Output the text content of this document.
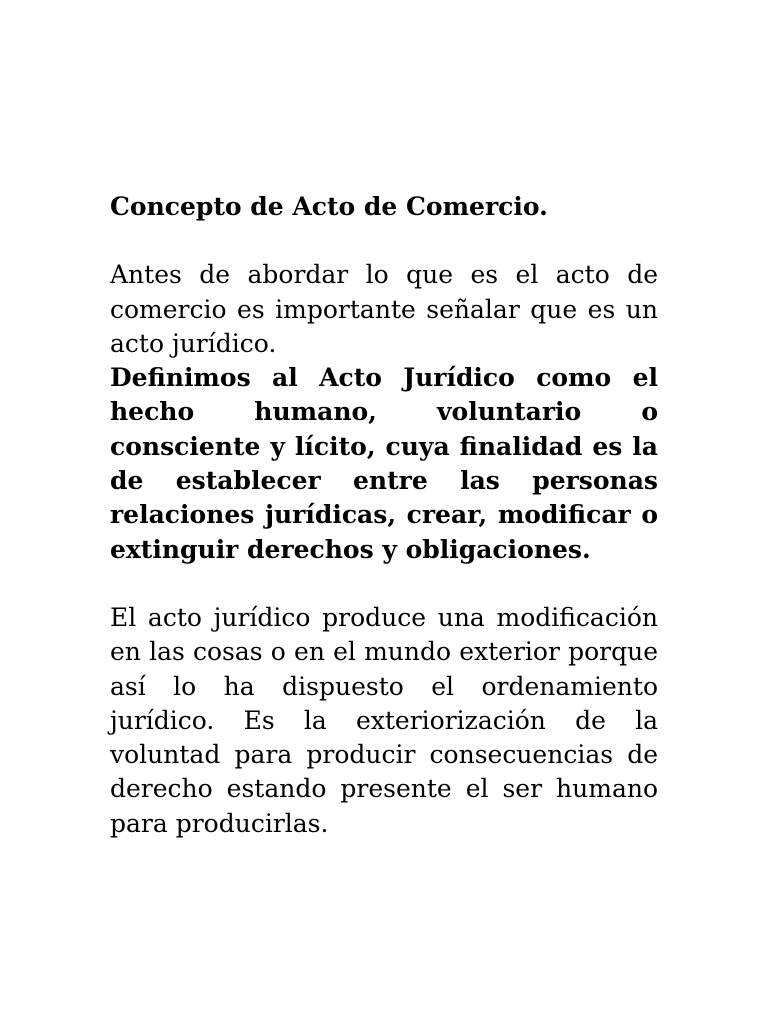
Concepto de Acto de Comercio.

Antes de abordar lo que es el acto de comercio es importante señalar que es un acto jurídico.

Definimos al Acto Jurídico como el hecho humano, voluntario o consciente y lícito, cuya finalidad es la de establecer entre las personas relaciones jurídicas, crear, modificar o extinguir derechos y obligaciones.

El acto jurídico produce una modificación en las cosas o en el mundo exterior porque así lo ha dispuesto el ordenamiento jurídico. Es la exteriorización de la voluntad para producir consecuencias de derecho estando presente el ser humano para producirlas.
